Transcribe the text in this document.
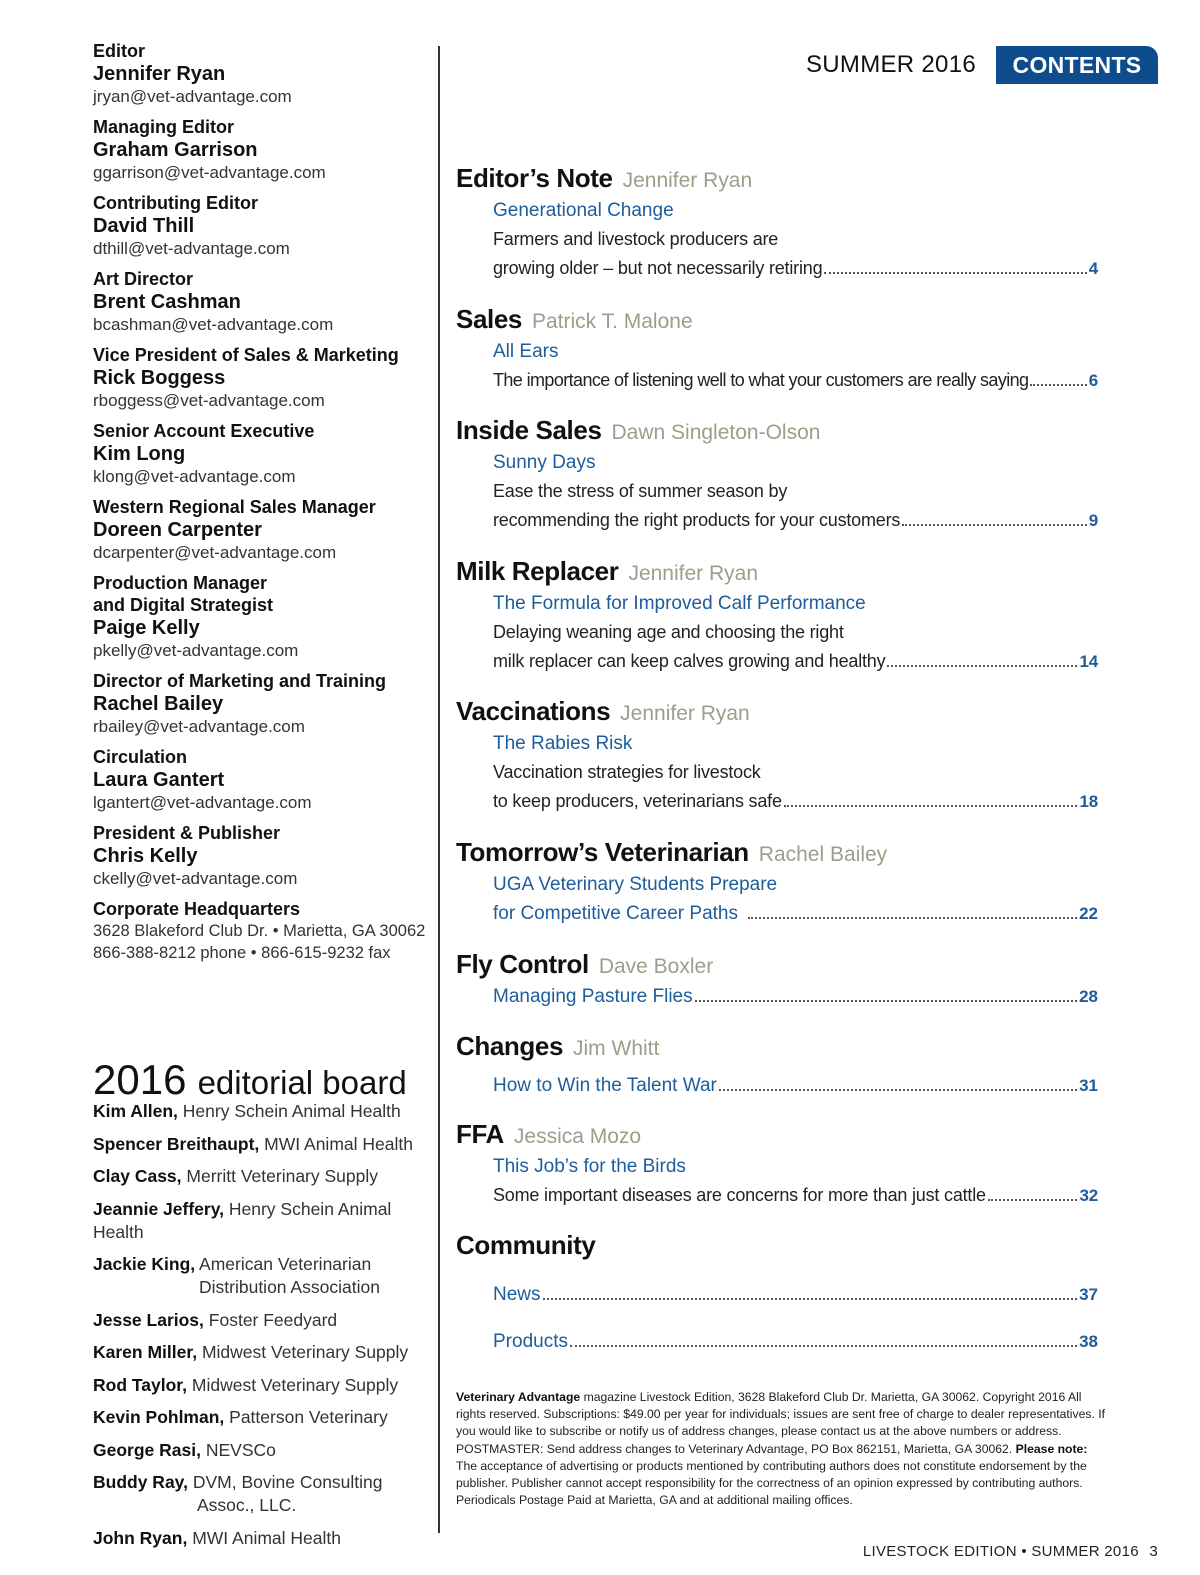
Editor
Jennifer Ryan
jryan@vet-advantage.com
Managing Editor
Graham Garrison
ggarrison@vet-advantage.com
Contributing Editor
David Thill
dthill@vet-advantage.com
Art Director
Brent Cashman
bcashman@vet-advantage.com
Vice President of Sales & Marketing
Rick Boggess
rboggess@vet-advantage.com
Senior Account Executive
Kim Long
klong@vet-advantage.com
Western Regional Sales Manager
Doreen Carpenter
dcarpenter@vet-advantage.com
Production Manager
and Digital Strategist
Paige Kelly
pkelly@vet-advantage.com
Director of Marketing and Training
Rachel Bailey
rbailey@vet-advantage.com
Circulation
Laura Gantert
lgantert@vet-advantage.com
President & Publisher
Chris Kelly
ckelly@vet-advantage.com
Corporate Headquarters
3628 Blakeford Club Dr. • Marietta, GA 30062
866-388-8212 phone • 866-615-9232 fax
2016 editorial board
Kim Allen, Henry Schein Animal Health
Spencer Breithaupt, MWI Animal Health
Clay Cass, Merritt Veterinary Supply
Jeannie Jeffery, Henry Schein Animal Health
Jackie King, American Veterinarian
Distribution Association
Jesse Larios, Foster Feedyard
Karen Miller, Midwest Veterinary Supply
Rod Taylor, Midwest Veterinary Supply
Kevin Pohlman, Patterson Veterinary
George Rasi, NEVSCo
Buddy Ray, DVM, Bovine Consulting
Assoc., LLC.
John Ryan, MWI Animal Health
SUMMER 2016	CONTENTS
Editor’s Note Jennifer Ryan
Generational Change
Farmers and livestock producers are
growing older – but not necessarily retiring	4
Sales Patrick T. Malone
All Ears
The importance of listening well to what your customers are really saying	6
Inside Sales Dawn Singleton-Olson
Sunny Days
Ease the stress of summer season by
recommending the right products for your customers	9
Milk Replacer Jennifer Ryan
The Formula for Improved Calf Performance
Delaying weaning age and choosing the right
milk replacer can keep calves growing and healthy	14
Vaccinations Jennifer Ryan
The Rabies Risk
Vaccination strategies for livestock
to keep producers, veterinarians safe	18
Tomorrow’s Veterinarian Rachel Bailey
UGA Veterinary Students Prepare
for Competitive Career Paths	22
Fly Control Dave Boxler
Managing Pasture Flies	28
Changes Jim Whitt
How to Win the Talent War	31
FFA Jessica Mozo
This Job’s for the Birds
Some important diseases are concerns for more than just cattle	32
Community
News	37
Products	38
Veterinary Advantage magazine Livestock Edition, 3628 Blakeford Club Dr. Marietta, GA 30062. Copyright 2016 All rights reserved. Subscriptions: $49.00 per year for individuals; issues are sent free of charge to dealer representatives. If you would like to subscribe or notify us of address changes, please contact us at the above numbers or address. POSTMASTER: Send address changes to Veterinary Advantage, PO Box 862151, Marietta, GA 30062. Please note: The acceptance of advertising or products mentioned by contributing authors does not constitute endorsement by the publisher. Publisher cannot accept responsibility for the correctness of an opinion expressed by contributing authors. Periodicals Postage Paid at Marietta, GA and at additional mailing offices.
LIVESTOCK EDITION • SUMMER 2016 3
